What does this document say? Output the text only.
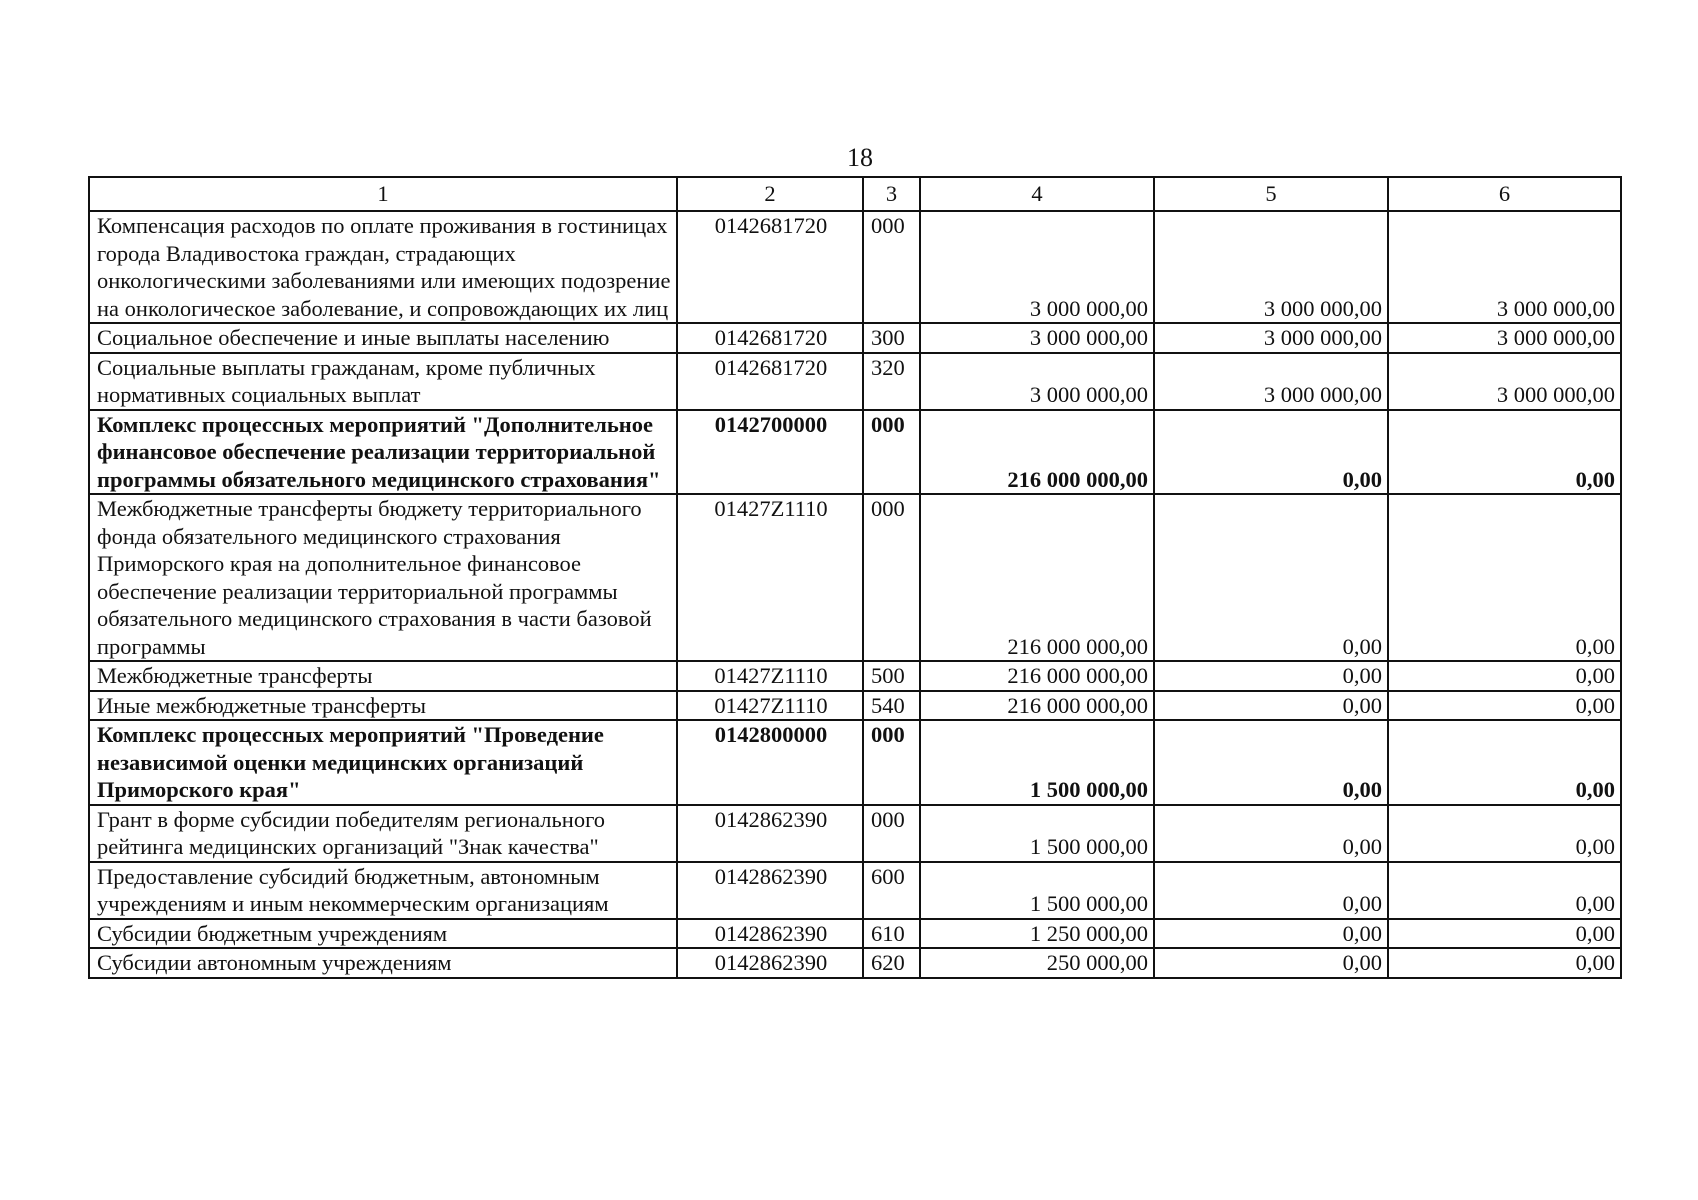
18
1	2	3	4	5	6
Компенсация расходов по оплате проживания в гостиницах города Владивостока граждан, страдающих онкологическими заболеваниями или имеющих подозрение на онкологическое заболевание, и сопровождающих их лиц	0142681720	000	3 000 000,00	3 000 000,00	3 000 000,00
Социальное обеспечение и иные выплаты населению	0142681720	300	3 000 000,00	3 000 000,00	3 000 000,00
Социальные выплаты гражданам, кроме публичных нормативных социальных выплат	0142681720	320	3 000 000,00	3 000 000,00	3 000 000,00
Комплекс процессных мероприятий "Дополнительное финансовое обеспечение реализации территориальной программы обязательного медицинского страхования"	0142700000	000	216 000 000,00	0,00	0,00
Межбюджетные трансферты бюджету территориального фонда обязательного медицинского страхования Приморского края на дополнительное финансовое обеспечение реализации территориальной программы обязательного медицинского страхования в части базовой программы	01427Z1110	000	216 000 000,00	0,00	0,00
Межбюджетные трансферты	01427Z1110	500	216 000 000,00	0,00	0,00
Иные межбюджетные трансферты	01427Z1110	540	216 000 000,00	0,00	0,00
Комплекс процессных мероприятий "Проведение независимой оценки медицинских организаций Приморского края"	0142800000	000	1 500 000,00	0,00	0,00
Грант в форме субсидии победителям регионального рейтинга медицинских организаций "Знак качества"	0142862390	000	1 500 000,00	0,00	0,00
Предоставление субсидий бюджетным, автономным учреждениям и иным некоммерческим организациям	0142862390	600	1 500 000,00	0,00	0,00
Субсидии бюджетным учреждениям	0142862390	610	1 250 000,00	0,00	0,00
Субсидии автономным учреждениям	0142862390	620	250 000,00	0,00	0,00
